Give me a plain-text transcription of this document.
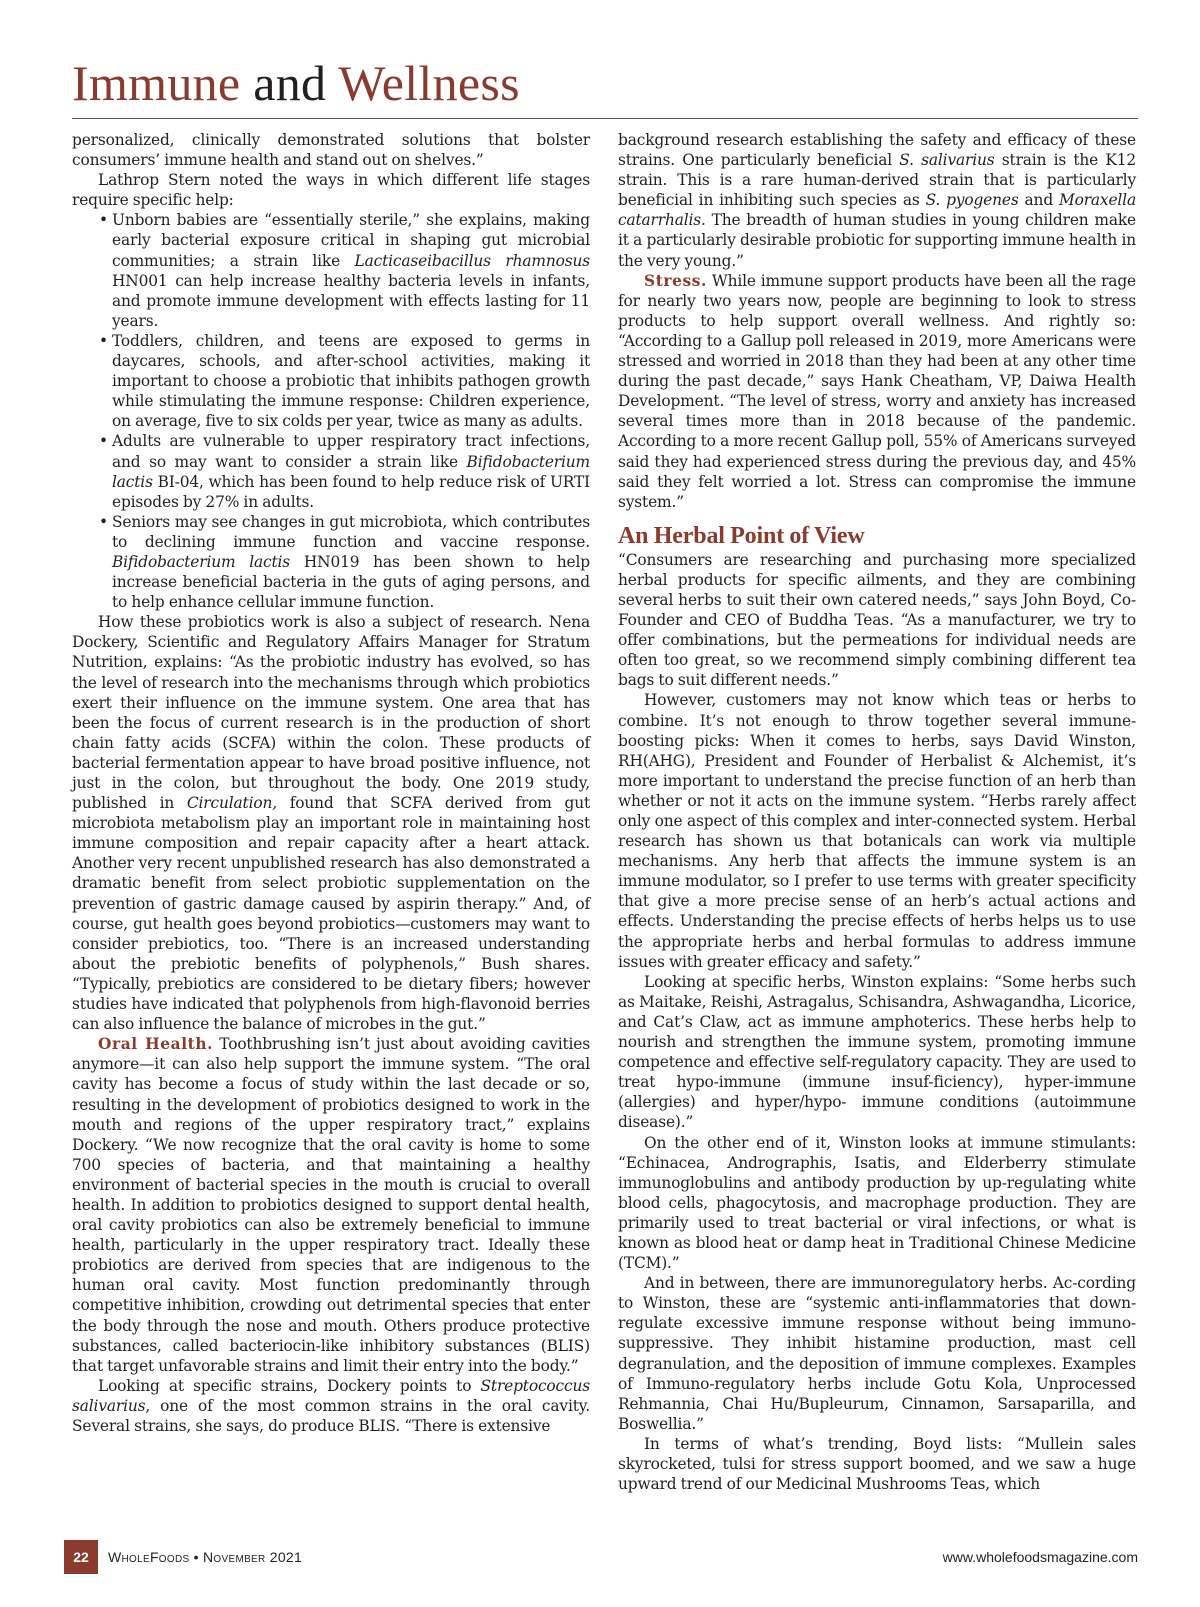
Immune and Wellness

personalized, clinically demonstrated solutions that bolster consumers’ immune health and stand out on shelves.”

Lathrop Stern noted the ways in which different life stages require specific help:

• Unborn babies are “essentially sterile,” she explains, making early bacterial exposure critical in shaping gut microbial communities; a strain like Lacticaseibacillus rhamnosus HN001 can help increase healthy bacteria levels in infants, and promote immune development with effects lasting for 11 years.
• Toddlers, children, and teens are exposed to germs in daycares, schools, and after-school activities, making it important to choose a probiotic that inhibits pathogen growth while stimulating the immune response: Children experience, on average, five to six colds per year, twice as many as adults.
• Adults are vulnerable to upper respiratory tract infections, and so may want to consider a strain like Bifidobacterium lactis BI-04, which has been found to help reduce risk of URTI episodes by 27% in adults.
• Seniors may see changes in gut microbiota, which contributes to declining immune function and vaccine response. Bifidobacterium lactis HN019 has been shown to help increase beneficial bacteria in the guts of aging persons, and to help enhance cellular immune function.

How these probiotics work is also a subject of research. Nena Dockery, Scientific and Regulatory Affairs Manager for Stratum Nutrition, explains: “As the probiotic industry has evolved, so has the level of research into the mechanisms through which probiotics exert their influence on the immune system. One area that has been the focus of current research is in the production of short chain fatty acids (SCFA) within the colon. These products of bacterial fermentation appear to have broad positive influence, not just in the colon, but throughout the body. One 2019 study, published in Circulation, found that SCFA derived from gut microbiota metabolism play an important role in maintaining host immune composition and repair capacity after a heart attack. Another very recent unpublished research has also demonstrated a dramatic benefit from select probiotic supplementation on the prevention of gastric damage caused by aspirin therapy.” And, of course, gut health goes beyond probiotics—customers may want to consider prebiotics, too. “There is an increased understanding about the prebiotic benefits of polyphenols,” Bush shares. “Typically, prebiotics are considered to be dietary fibers; however studies have indicated that polyphenols from high-flavonoid berries can also influence the balance of microbes in the gut.”

Oral Health. Toothbrushing isn’t just about avoiding cavities anymore—it can also help support the immune system. “The oral cavity has become a focus of study within the last decade or so, resulting in the development of probiotics designed to work in the mouth and regions of the upper respiratory tract,” explains Dockery. “We now recognize that the oral cavity is home to some 700 species of bacteria, and that maintaining a healthy environment of bacterial species in the mouth is crucial to overall health. In addition to probiotics designed to support dental health, oral cavity probiotics can also be extremely beneficial to immune health, particularly in the upper respiratory tract. Ideally these probiotics are derived from species that are indigenous to the human oral cavity. Most function predominantly through competitive inhibition, crowding out detrimental species that enter the body through the nose and mouth. Others produce protective substances, called bacteriocin-like inhibitory substances (BLIS) that target unfavorable strains and limit their entry into the body.”

Looking at specific strains, Dockery points to Streptococcus salivarius, one of the most common strains in the oral cavity. Several strains, she says, do produce BLIS. “There is extensive

background research establishing the safety and efficacy of these strains. One particularly beneficial S. salivarius strain is the K12 strain. This is a rare human-derived strain that is particularly beneficial in inhibiting such species as S. pyogenes and Moraxella catarrhalis. The breadth of human studies in young children make it a particularly desirable probiotic for supporting immune health in the very young.”

Stress. While immune support products have been all the rage for nearly two years now, people are beginning to look to stress products to help support overall wellness. And rightly so: “According to a Gallup poll released in 2019, more Americans were stressed and worried in 2018 than they had been at any other time during the past decade,” says Hank Cheatham, VP, Daiwa Health Development. “The level of stress, worry and anxiety has increased several times more than in 2018 because of the pandemic. According to a more recent Gallup poll, 55% of Americans surveyed said they had experienced stress during the previous day, and 45% said they felt worried a lot. Stress can compromise the immune system.”

An Herbal Point of View

“Consumers are researching and purchasing more specialized herbal products for specific ailments, and they are combining several herbs to suit their own catered needs,” says John Boyd, Co-Founder and CEO of Buddha Teas. “As a manufacturer, we try to offer combinations, but the permeations for individual needs are often too great, so we recommend simply combining different tea bags to suit different needs.”

However, customers may not know which teas or herbs to combine. It’s not enough to throw together several immune-boosting picks: When it comes to herbs, says David Winston, RH(AHG), President and Founder of Herbalist & Alchemist, it’s more important to understand the precise function of an herb than whether or not it acts on the immune system. “Herbs rarely affect only one aspect of this complex and inter-connected system. Herbal research has shown us that botanicals can work via multiple mechanisms. Any herb that affects the immune system is an immune modulator, so I prefer to use terms with greater specificity that give a more precise sense of an herb’s actual actions and effects. Understanding the precise effects of herbs helps us to use the appropriate herbs and herbal formulas to address immune issues with greater efficacy and safety.”

Looking at specific herbs, Winston explains: “Some herbs such as Maitake, Reishi, Astragalus, Schisandra, Ashwagandha, Licorice, and Cat’s Claw, act as immune amphoterics. These herbs help to nourish and strengthen the immune system, promoting immune competence and effective self-regulatory capacity. They are used to treat hypo-immune (immune insuf-ficiency), hyper-immune (allergies) and hyper/hypo- immune conditions (autoimmune disease).”

On the other end of it, Winston looks at immune stimulants: “Echinacea, Andrographis, Isatis, and Elderberry stimulate immunoglobulins and antibody production by up-regulating white blood cells, phagocytosis, and macrophage production. They are primarily used to treat bacterial or viral infections, or what is known as blood heat or damp heat in Traditional Chinese Medicine (TCM).”

And in between, there are immunoregulatory herbs. Ac-cording to Winston, these are “systemic anti-inflammatories that down-regulate excessive immune response without being immuno-suppressive. They inhibit histamine production, mast cell degranulation, and the deposition of immune complexes. Examples of Immuno-regulatory herbs include Gotu Kola, Unprocessed Rehmannia, Chai Hu/Bupleurum, Cinnamon, Sarsaparilla, and Boswellia.”

In terms of what’s trending, Boyd lists: “Mullein sales skyrocketed, tulsi for stress support boomed, and we saw a huge upward trend of our Medicinal Mushrooms Teas, which

22	WholeFoods • November 2021	www.wholefoodsmagazine.com
